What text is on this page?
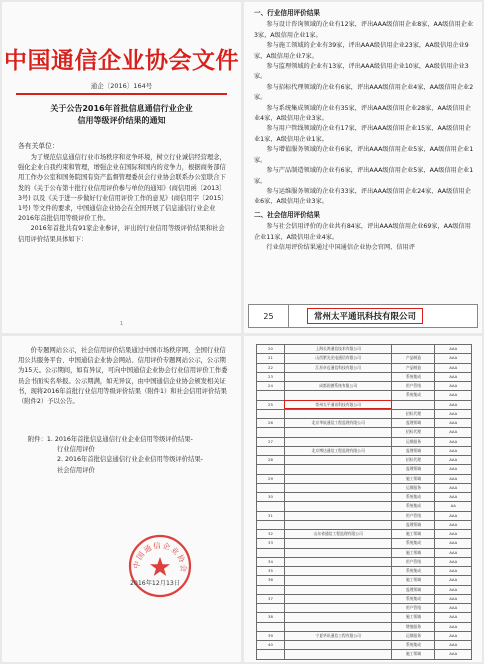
中国通信企业协会文件
通企〔2016〕164号
关于公告2016年首批信息通信行业企业
信用等级评价结果的通知
各有关单位：

为了规范信息通信行业市场秩序和竞争环境，树立行业诚信经营理念，强化企业自我约束和管理，增强企业在国际和国内的竞争力，根据商务部信用工作办公室和国务院国有资产监督管理委员会行业协会联系办公室联合下发的《关于公布第十批行业信用评价参与单位的通知》(商信用函〔2013〕3号) 以及《关于进一步做好行业信用评价工作的意见》(商信用字〔2015〕1号) 等文件的要求，中国通信企业协会在全国开展了信息通信行业企业2016年首批信用等级评价工作。

2016年首批共有91家企业参评，评出的行业信用等级评价结果和社会信用评价结果具体如下：

1
一、行业信用评价结果
参与设计咨询领域的企业有12家，评出AAA级信用企业8家，AA级信用企业3家，A级信用企业1家。
参与施工领域的企业有39家，评出AAA级信用企业23家，AA级信用企业9家，A级信用企业7家。
参与监理领域的企业有13家，评出AAA级信用企业10家，AA级信用企业3家。
参与招标代理领域的企业有6家，评出AAA级信用企业4家，AA级信用企业2家。
参与系统集成领域的企业有35家，评出AAA级信用企业28家，AA级信用企业4家，A级信用企业3家。
参与用户管线领域的企业有17家，评出AAA级信用企业15家，AA级信用企业1家，A级信用企业1家。
参与增值服务领域的企业有6家，评出AAA级信用企业5家，AA级信用企业1家。
参与产品制造领域的企业有6家，评出AAA级信用企业5家，AA级信用企业1家。
参与运维服务领域的企业有33家，评出AAA级信用企业24家，AA级信用企业6家，A级信用企业3家。
二、社会信用评价结果
参与社会信用评价的企业共有84家，评出AAA级信用企业69家，AA级信用企业11家，A级信用企业4家。
行业信用评价结果通过中国通信企业协会官网、信用评
25	常州太平通讯科技有限公司

价专题网站公示，社会信用评价结果通过中国市场秩序网、全国行业信用公共服务平台、中国通信企业协会网站、信用评价专题网站公示，公示期为15天。公示期间，如有异议，可向中国通信企业协会行业信用评价工作委员会书面实名举报。公示期满，如无异议，由中国通信企业协会颁发相关证书，现将2016年首批行业信用等级评价结果（附件1）和社会信用评价结果（附件2）予以公告。

附件：1. 2016年首批信息通信行业企业信用等级评价结果-
行业信用评价
2. 2016年首批信息通信行业企业信用等级评价结果-
社会信用评价
中国通信企业协会
2016年12月13日
20	上海长鸿通信技术有限公司		AAA
21	山西紫光光电通信有限公司	产品制造	AAA
22	江苏卓迈通信科技有限公司	产品制造	AAA
23		系统集成	AAA
24	成都固德系统有限公司	用户管线	AAA
		系统集成	AAA
25	常州太平通讯科技有限公司		AAA
		招标代理	AAA
26	北京华软通信工程监理有限公司	监理领域	AAA
		招标代理	AAA
27		运维服务	AAA
	北京博达通信工程监理有限公司	监理领域	AAA
28		招标代理	AAA
		监理领域	AAA
29		施工领域	AAA
		运维服务	AAA
30		系统集成	AAA
		系统集成	AA
31		用户管线	AAA
		监理领域	AAA
32	山东省通信工程监理有限公司	施工领域	AAA
33		系统集成	AAA
		施工领域	AAA
34		用户管线	AAA
35		系统集成	AAA
36		施工领域	AAA
		监理领域	AAA
37		系统集成	AAA
		用户管线	AAA
38		施工领域	AAA
		增值服务	AAA
39	宁夏华讯通信工程有限公司	运维服务	AAA
40		系统集成	AAA
		施工领域	AAA
